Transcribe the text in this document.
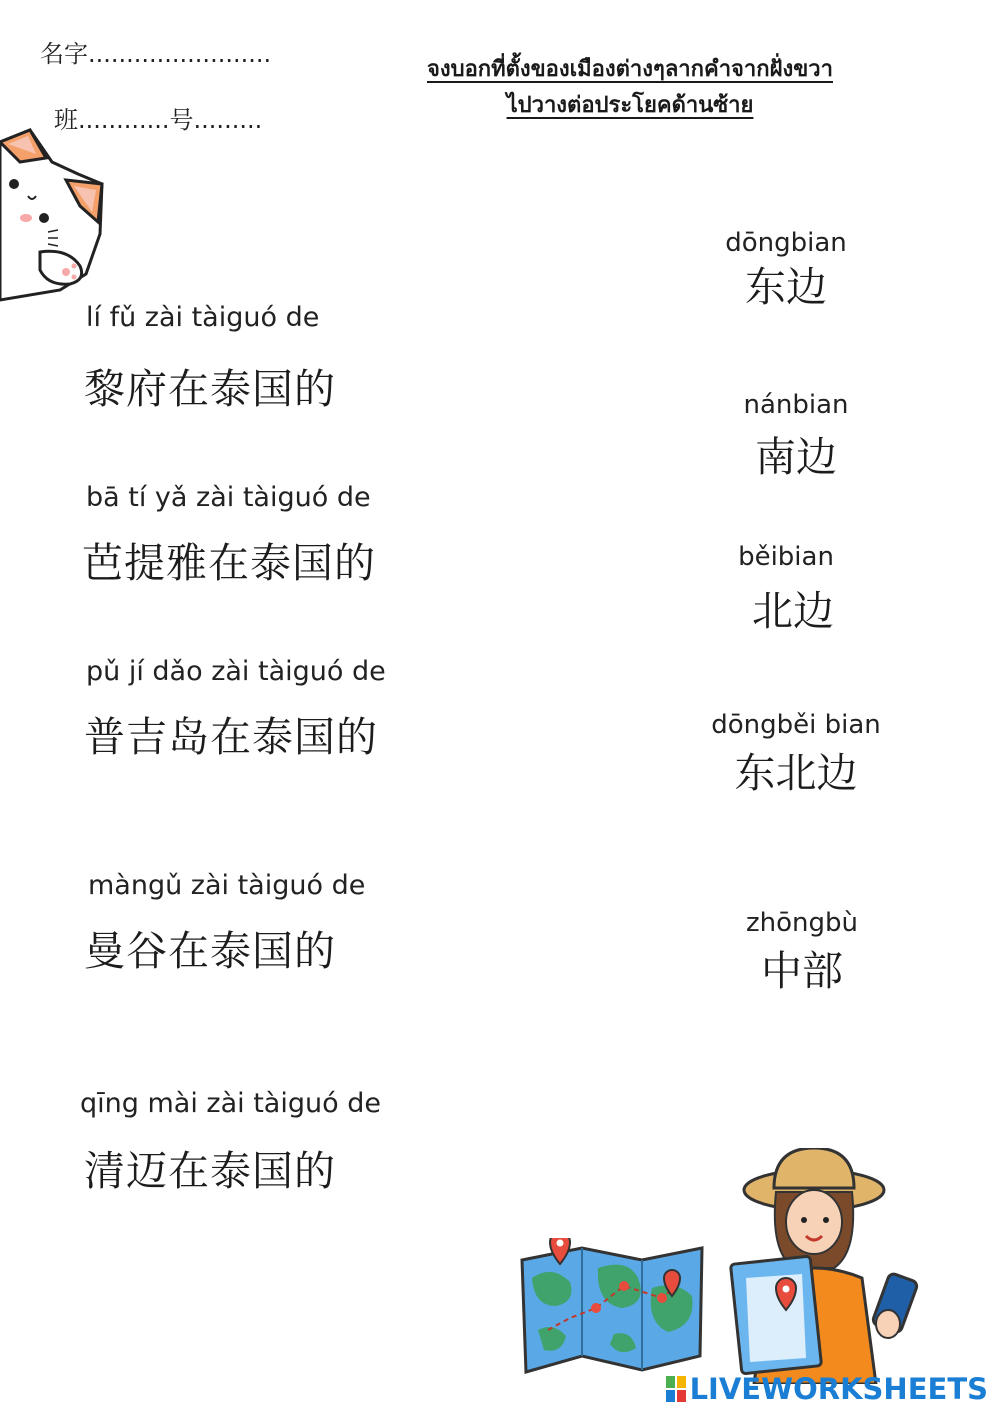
名字........................
班............号.........
จงบอกที่ตั้งของเมืองต่างๆลากคำจากฝั่งขวา
ไปวางต่อประโยคด้านซ้าย
lí fǔ zài tàiguó de
黎府在泰国的
bā tí yǎ zài tàiguó de
芭提雅在泰国的
pǔ jí dǎo zài tàiguó de
普吉岛在泰国的
màngǔ zài tàiguó de
曼谷在泰国的
qīng mài zài tàiguó de
清迈在泰国的
dōngbian
东边
nánbian
南边
běibian
北边
dōngběi bian
东北边
zhōngbù
中部
LIVEWORKSHEETS
